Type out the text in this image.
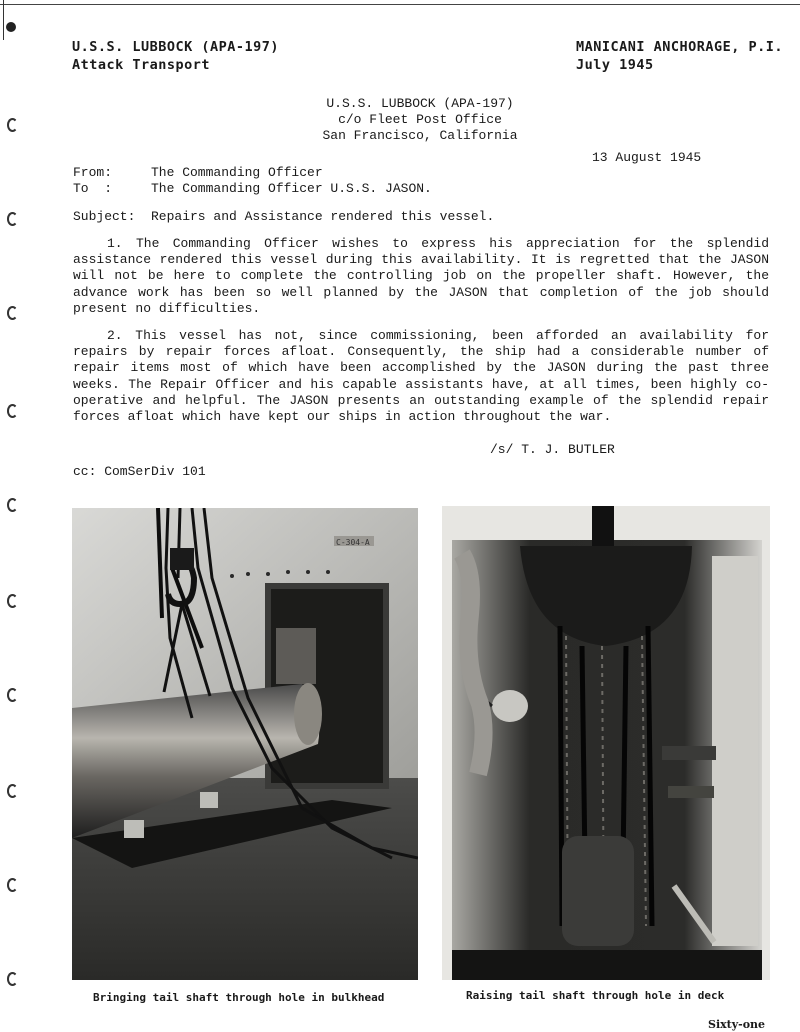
U.S.S. LUBBOCK (APA-197)
Attack Transport
MANICANI ANCHORAGE, P.I.
July 1945
U.S.S. LUBBOCK (APA-197)
c/o Fleet Post Office
San Francisco, California
13 August 1945
From:	The Commanding Officer
To  :	The Commanding Officer U.S.S. JASON.
Subject: Repairs and Assistance rendered this vessel.
1. The Commanding Officer wishes to express his appreciation for the splendid assistance rendered this vessel during this availability. It is regretted that the JASON will not be here to complete the controlling job on the propeller shaft. However, the advance work has been so well planned by the JASON that completion of the job should present no difficulties.
2. This vessel has not, since commissioning, been afforded an availability for repairs by repair forces afloat. Consequently, the ship had a considerable number of repair items most of which have been accomplished by the JASON during the past three weeks. The Repair Officer and his capable assistants have, at all times, been highly co-operative and helpful. The JASON presents an outstanding example of the splendid repair forces afloat which have kept our ships in action throughout the war.
/s/ T. J. BUTLER
cc: ComSerDiv 101
C-304-A
Bringing tail shaft through hole in bulkhead	Raising tail shaft through hole in deck
Sixty-one
